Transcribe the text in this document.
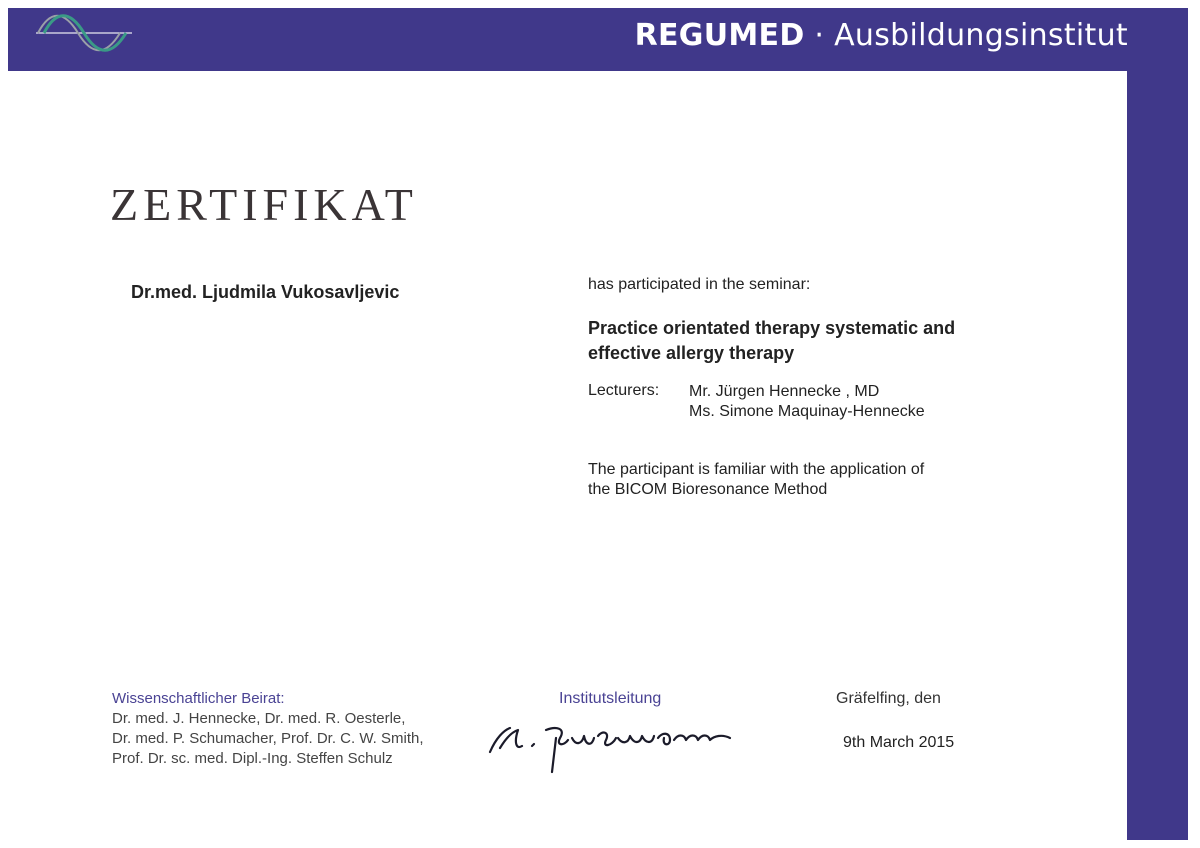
REGUMED · Ausbildungsinstitut
ZERTIFIKAT
Dr.med. Ljudmila Vukosavljevic	has participated in the seminar:
Practice orientated therapy systematic and
effective allergy therapy
Lecturers: Mr. Jürgen Hennecke , MD
Ms. Simone Maquinay-Hennecke
The participant is familiar with the application of
the BICOM Bioresonance Method
Wissenschaftlicher Beirat:
Dr. med. J. Hennecke, Dr. med. R. Oesterle,
Dr. med. P. Schumacher, Prof. Dr. C. W. Smith,
Prof. Dr. sc. med. Dipl.-Ing. Steffen Schulz
Institutsleitung	Gräfelfing, den
9th March 2015
